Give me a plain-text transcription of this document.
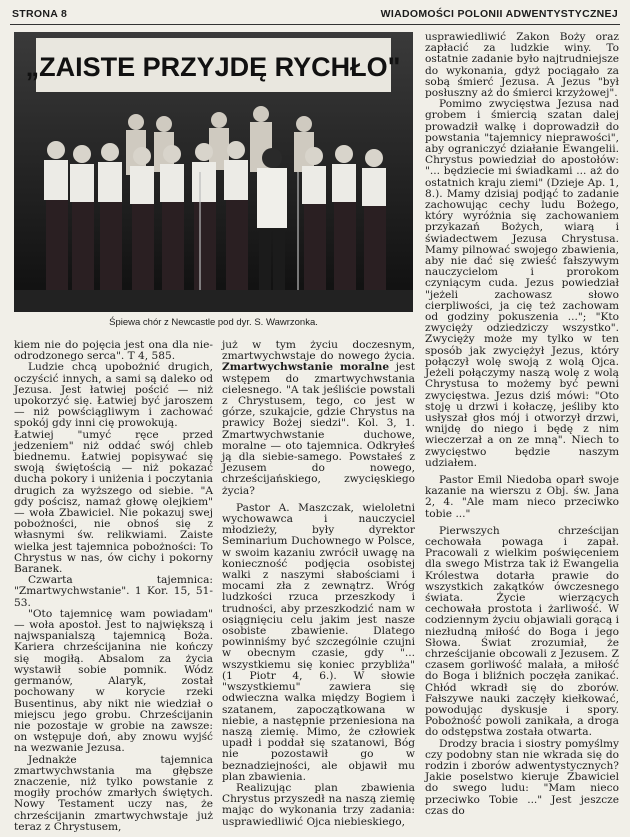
STRONA 8	WIADOMOŚCI POLONII ADWENTYSTYCZNEJ
„ZAISTE PRZYJDĘ RYCHŁO"
Śpiewa chór z Newcastle pod dyr. S. Wawrzonka.

kiem nie do pojęcia jest ona dla nie-odrodzonego serca". T 4, 585.

Ludzie chcą upobożnić drugich, oczyścić innych, a sami są daleko od Jezusa. Jest łatwiej pościć — niż upokorzyć się. Łatwiej być jaroszem — niż powściągliwym i zachować spokój gdy inni cię prowokują.

Łatwiej "umyć ręce przed jedzeniem" niż oddać swój chleb biednemu. Łatwiej popisywać się swoją świętością — niż pokazać ducha pokory i uniżenia i poczytania drugich za wyższego od siebie. "A gdy pościsz, namaż głowę olejkiem" — woła Zbawiciel. Nie pokazuj swej pobożności, nie obnoś się z własnymi św. relikwiami. Zaiste wielka jest tajemnica pobożności: To Chrystus w nas, ów cichy i pokorny Baranek.

Czwarta tajemnica: "Zmartwychwstanie". 1 Kor. 15, 51-53.

"Oto tajemnicę wam powiadam" — woła apostoł. Jest to największą i najwspanialszą tajemnicą Boża. Kariera chrześcijanina nie kończy się mogiłą. Absalom za życia wystawił sobie pomnik. Wódz germanów, Alaryk, został pochowany w korycie rzeki Busentinus, aby nikt nie wiedział o miejscu jego grobu. Chrześcijanin nie pozostaje w grobie na zawsze: on wstępuje doń, aby znowu wyjść na wezwanie Jezusa.

Jednakże tajemnica zmartwychwstania ma głębsze znaczenie, niż tylko powstanie z mogiły prochów zmarłych świętych. Nowy Testament uczy nas, że chrześcijanin zmartwychwstaje już teraz z Chrystusem,

już w tym życiu doczesnym, zmartwychwstaje do nowego życia. Zmartwychwstanie moralne jest wstępem do zmartwychwstania cielesnego. "A tak jeśliście powstali z Chrystusem, tego, co jest w górze, szukajcie, gdzie Chrystus na prawicy Bożej siedzi". Kol. 3, 1. Zmartwychwstanie duchowe, moralne — oto tajemnica. Odkryłeś ją dla siebie-samego. Powstałeś z Jezusem do nowego, chrześcijańskiego, zwycięskiego życia?

Pastor A. Maszczak, wieloletni wychowawca i nauczyciel młodzieży, były dyrektor Seminarium Duchownego w Polsce, w swoim kazaniu zwrócił uwagę na konieczność podjęcia osobistej walki z naszymi słabościami i mocami zła z zewnątrz. Wróg ludzkości rzuca przeszkody i trudności, aby przeszkodzić nam w osiągnięciu celu jakim jest nasze osobiste zbawienie. Dlatego powinniśmy być szczególnie czujni w obecnym czasie, gdy "... wszystkiemu się koniec przybliża" (1 Piotr 4, 6.). W słowie "wszystkiemu" zawiera się odwieczna walka między Bogiem i szatanem, zapoczątkowana w niebie, a następnie przeniesiona na naszą ziemię. Mimo, że człowiek upadł i poddał się szatanowi, Bóg nie pozostawił go w beznadziejności, ale objawił mu plan zbawienia.

Realizując plan zbawienia Chrystus przyszedł na naszą ziemię mając do wykonania trzy zadania: usprawiedliwić Ojca niebieskiego,

usprawiedliwić Zakon Boży oraz zapłacić za ludzkie winy. To ostatnie zadanie było najtrudniejsze do wykonania, gdyż pociągało za sobą śmierć Jezusa. A Jezus "był posłuszny aż do śmierci krzyżowej".

Pomimo zwycięstwa Jezusa nad grobem i śmiercią szatan dalej prowadził walkę i doprowadził do powstania "tajemnicy nieprawości", aby ograniczyć działanie Ewangelii. Chrystus powiedział do apostołów: "... będziecie mi świadkami ... aż do ostatnich kraju ziemi" (Dzieje Ap. 1, 8.). Mamy dzisiaj podjąć to zadanie zachowując cechy ludu Bożego, który wyróżnia się zachowaniem przykazań Bożych, wiarą i świadectwem Jezusa Chrystusa. Mamy pilnować swojego zbawienia, aby nie dać się zwieść fałszywym nauczycielom i prorokom czyniącym cuda. Jezus powiedział "jeżeli zachowasz słowo cierpliwości, ja cię też zachowam od godziny pokuszenia ..."; "Kto zwycięży odziedziczy wszystko". Zwycięży może my tylko w ten sposób jak zwyciężył Jezus, który połączył wolę swoją z wolą Ojca. Jeżeli połączymy naszą wolę z wolą Chrystusa to możemy być pewni zwycięstwa. Jezus dziś mówi: "Oto stoję u drzwi i kołaczę, jeśliby kto usłyszał głos mój i otworzył drzwi, wnijdę do niego i będę z nim wieczerzał a on ze mną". Niech to zwycięstwo będzie naszym udziałem.

Pastor Emil Niedoba oparł swoje kazanie na wierszu z Obj. św. Jana 2, 4. "Ale mam nieco przeciwko tobie ..."

Pierwszych chrześcijan cechowała powaga i zapał. Pracowali z wielkim poświęceniem dla swego Mistrza tak iż Ewangelia Królestwa dotarła prawie do wszystkich zakątków ówczesnego świata. Życie wierzących cechowała prostota i żarliwość. W codziennym życiu objawiali gorącą i niezłudną miłość do Boga i jego Słowa. Świat zrozumiał, że chrześcijanie obcowali z Jezusem. Z czasem gorliwość malała, a miłość do Boga i bliźnich poczęła zanikać. Chłód wkradł się do zborów. Fałszywe nauki zaczęły kiełkować, powodując dyskusje i spory. Pobożność powoli zanikała, a droga do odstępstwa została otwarta.

Drodzy bracia i siostry pomyślmy czy podobny stan nie wkrada się do rodzin i zborów adwentystycznych? Jakie poselstwo kieruje Zbawiciel do swego ludu: "Mam nieco przeciwko Tobie ..." Jest jeszcze czas do
